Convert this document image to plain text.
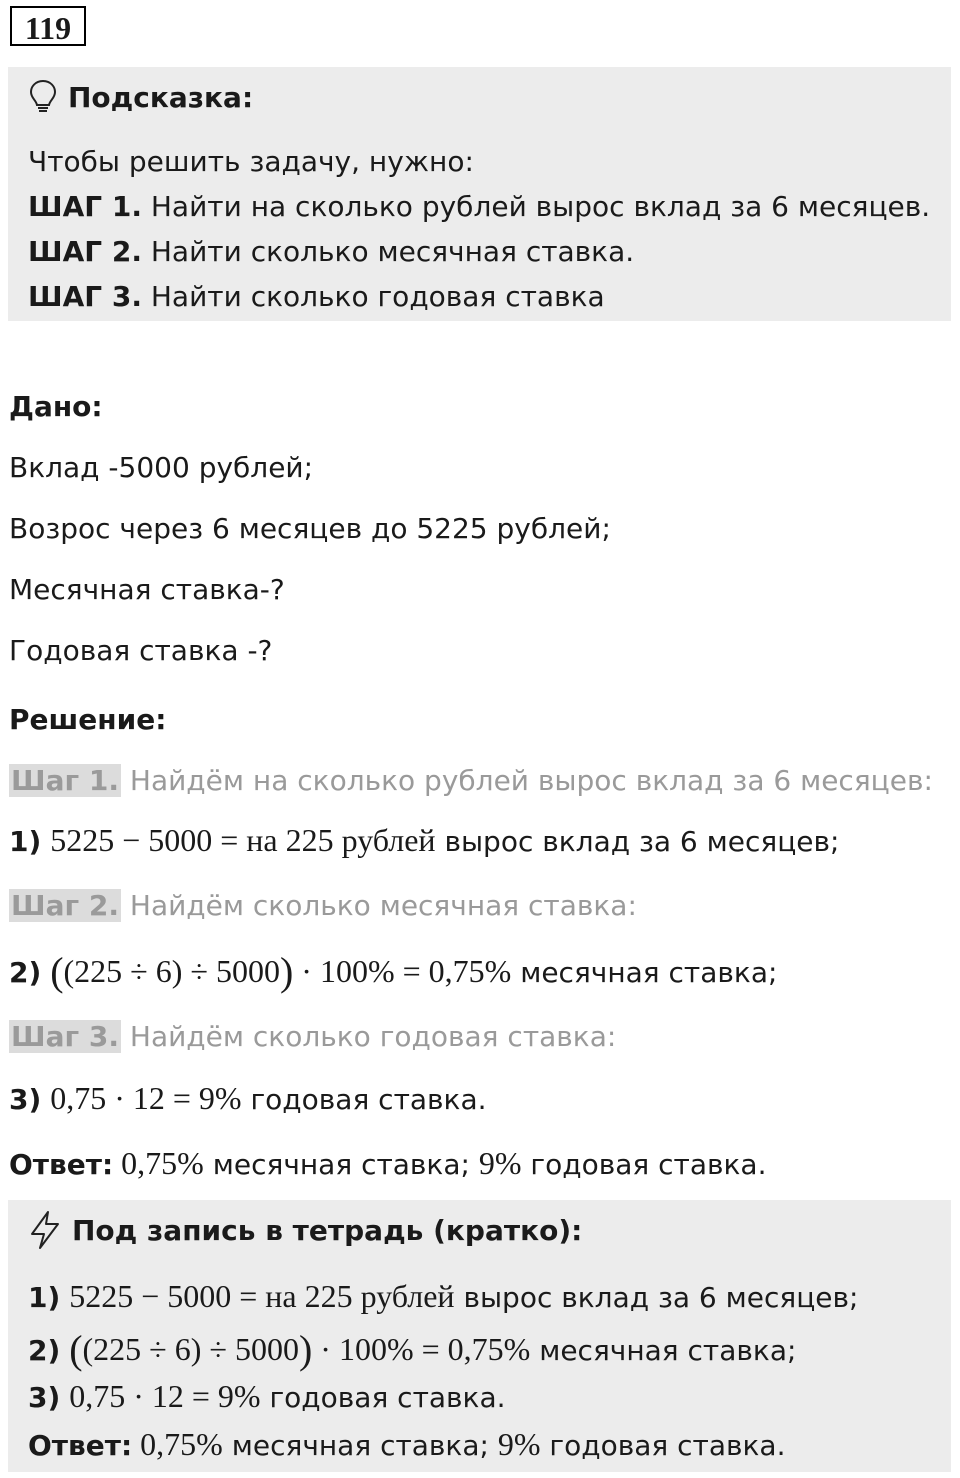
119
Подсказка:
Чтобы решить задачу, нужно:
ШАГ 1. Найти на сколько рублей вырос вклад за 6 месяцев.
ШАГ 2. Найти сколько месячная ставка.
ШАГ 3. Найти сколько годовая ставка
Дано:
Вклад -5000 рублей;
Возрос через 6 месяцев до 5225 рублей;
Месячная ставка-?
Годовая ставка -?
Решение:
Шаг 1. Найдём на сколько рублей вырос вклад за 6 месяцев:
1) 5225 − 5000 = на 225 рублей вырос вклад за 6 месяцев;
Шаг 2. Найдём сколько месячная ставка:
2) ((225 ÷ 6) ÷ 5000) · 100% = 0,75% месячная ставка;
Шаг 3. Найдём сколько годовая ставка:
3) 0,75 · 12 = 9% годовая ставка.
Ответ: 0,75% месячная ставка; 9% годовая ставка.
Под запись в тетрадь (кратко):
1) 5225 − 5000 = на 225 рублей вырос вклад за 6 месяцев;
2) ((225 ÷ 6) ÷ 5000) · 100% = 0,75% месячная ставка;
3) 0,75 · 12 = 9% годовая ставка.
Ответ: 0,75% месячная ставка; 9% годовая ставка.
